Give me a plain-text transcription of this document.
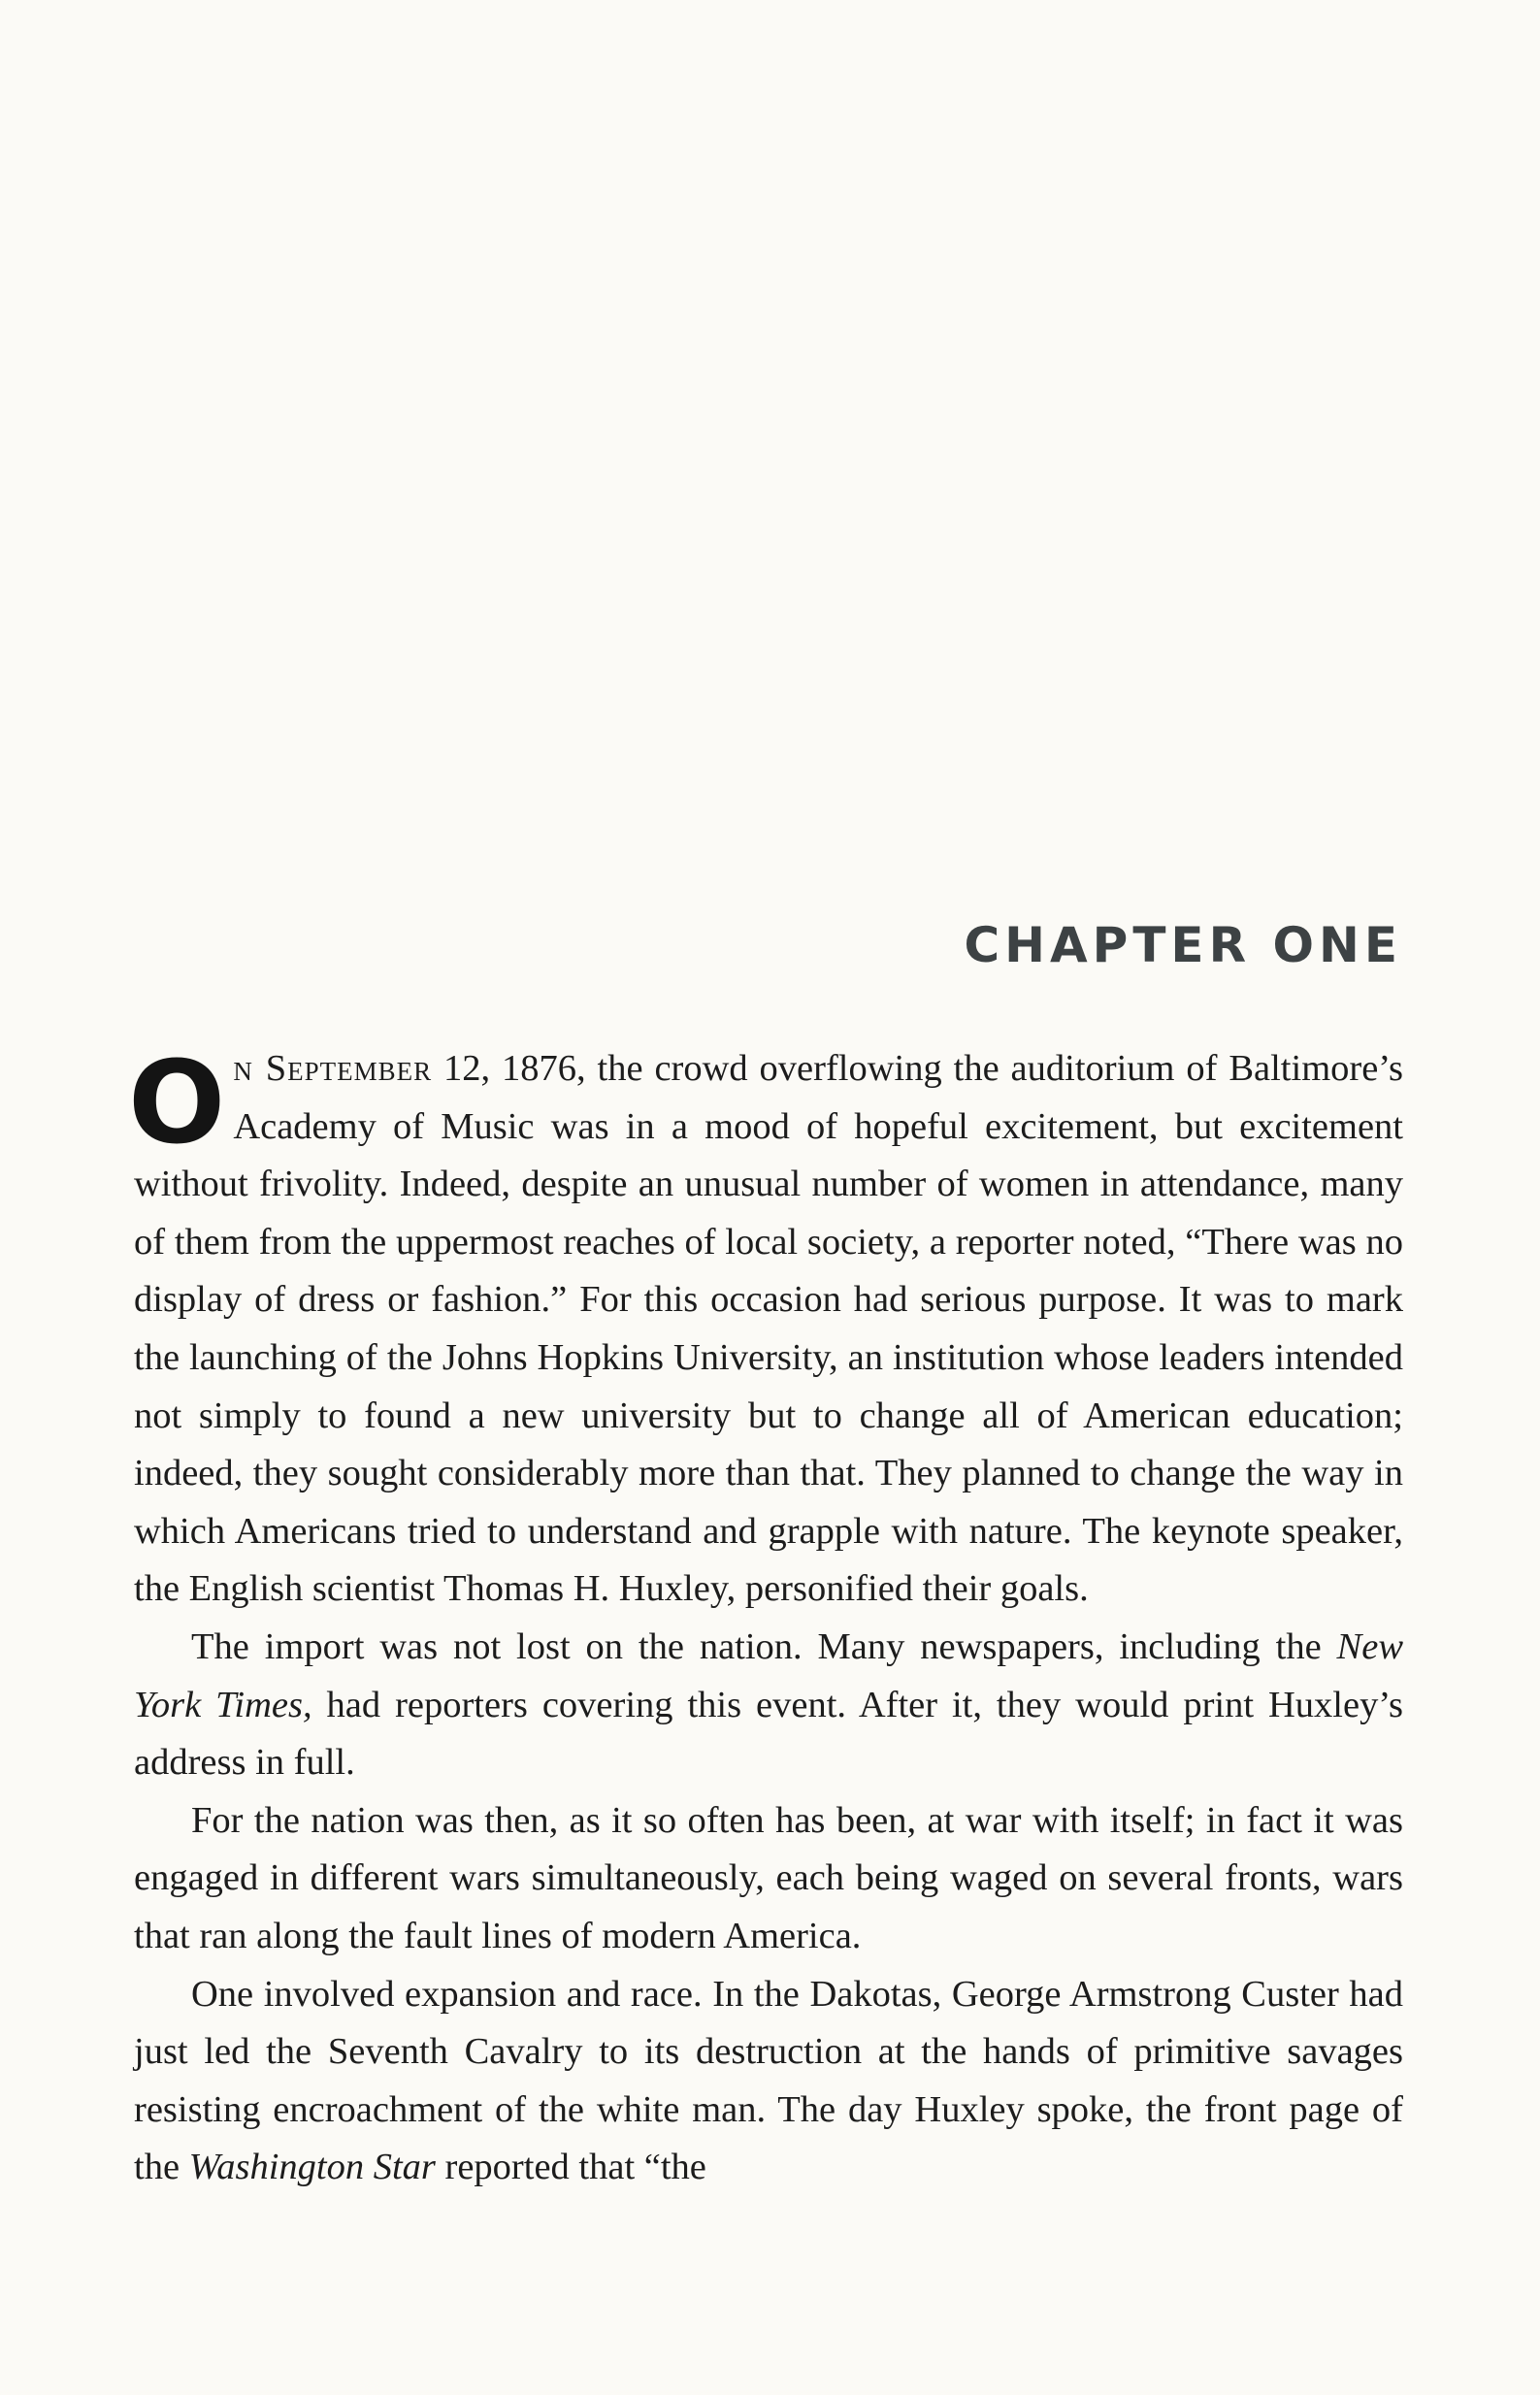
CHAPTER ONE

On September 12, 1876, the crowd overflowing the auditorium of Baltimore’s Academy of Music was in a mood of hopeful excitement, but excitement without frivolity. Indeed, despite an unusual number of women in attendance, many of them from the uppermost reaches of local society, a reporter noted, “There was no display of dress or fashion.” For this occasion had serious purpose. It was to mark the launching of the Johns Hopkins University, an institution whose leaders intended not simply to found a new university but to change all of American education; indeed, they sought considerably more than that. They planned to change the way in which Americans tried to understand and grapple with nature. The keynote speaker, the English scientist Thomas H. Huxley, personified their goals.

The import was not lost on the nation. Many newspapers, including the New York Times, had reporters covering this event. After it, they would print Huxley’s address in full.

For the nation was then, as it so often has been, at war with itself; in fact it was engaged in different wars simultaneously, each being waged on several fronts, wars that ran along the fault lines of modern America.

One involved expansion and race. In the Dakotas, George Armstrong Custer had just led the Seventh Cavalry to its destruction at the hands of primitive savages resisting encroachment of the white man. The day Huxley spoke, the front page of the Washington Star reported that “the
